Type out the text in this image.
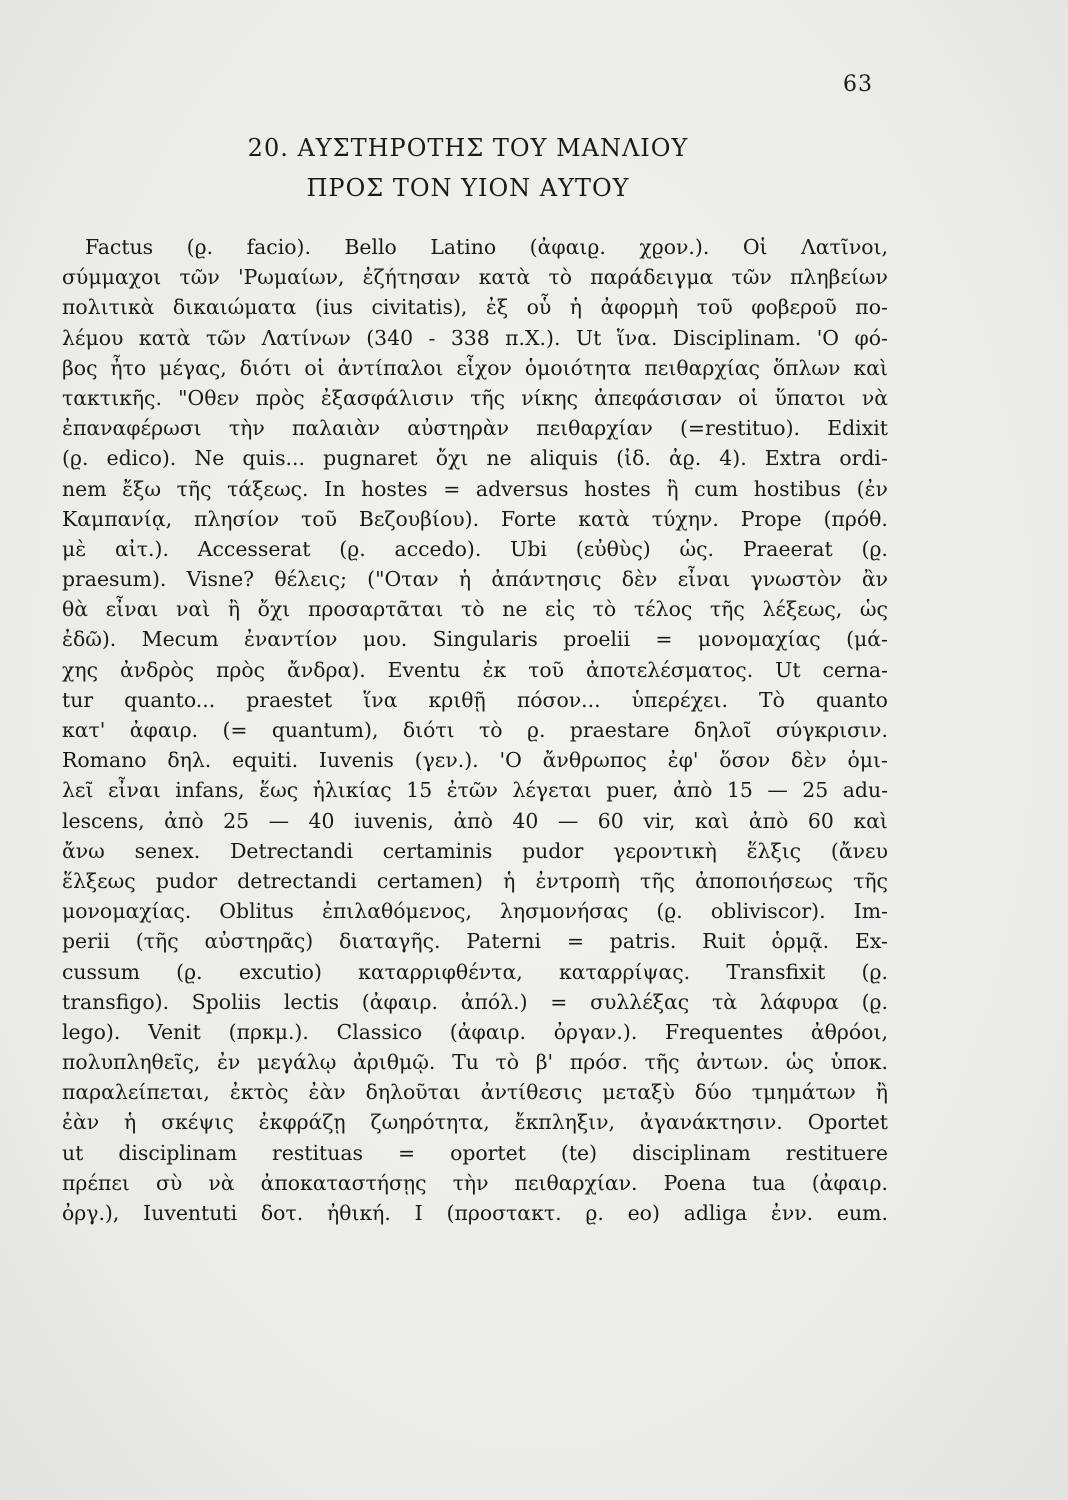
63
20. ΑΥΣΤΗΡΟΤΗΣ ΤΟΥ ΜΑΝΛΙΟΥ
ΠΡΟΣ ΤΟΝ ΥΙΟΝ ΑΥΤΟΥ
Factus (ϱ. facio). Bello Latino (ἀφαιϱ. χϱον.). Οἱ Λατῖνοι,
σύμμαχοι τῶν 'Ρωμαίων, ἐζήτησαν κατὰ τὸ παράδειγμα τῶν πληβείων
πολιτικὰ δικαιώματα (ius civitatis), ἐξ οὗ ἡ ἀφορμὴ τοῦ φοβεροῦ πο-
λέμου κατὰ τῶν Λατίνων (340 - 338 π.Χ.). Ut ἵνα. Disciplinam. 'Ο φό-
βος ἦτο μέγας, διότι οἱ ἀντίπαλοι εἶχον ὁμοιότητα πειθαρχίας ὅπλων καὶ
τακτικῆς. "Οθεν πρὸς ἐξασφάλισιν τῆς νίκης ἀπεφάσισαν οἱ ὕπατοι νὰ
ἐπαναφέρωσι τὴν παλαιὰν αὐστηρὰν πειθαρχίαν (=restituo). Edixit
(ϱ. edico). Ne quis... pugnaret ὄχι ne aliquis (ἰδ. ἀϱ. 4). Extra ordi-
nem ἔξω τῆς τάξεως. In hostes = adversus hostes ἢ cum hostibus (ἐν
Καμπανίᾳ, πλησίον τοῦ Βεζουβίου). Forte κατὰ τύχην. Prope (πρόθ.
μὲ αἰτ.). Accesserat (ϱ. accedo). Ubi (εὐθὺς) ὡς. Praeerat (ϱ.
praesum). Visne? θέλεις; ("Οταν ἡ ἀπάντησις δὲν εἶναι γνωστὸν ἂν
θὰ εἶναι ναὶ ἢ ὄχι προσαρτᾶται τὸ ne εἰς τὸ τέλος τῆς λέξεως, ὡς
ἐδῶ). Mecum ἐναντίον μου. Singularis proelii = μονομαχίας (μά-
χης ἀνδρὸς πρὸς ἄνδρα). Eventu ἐκ τοῦ ἀποτελέσματος. Ut cerna-
tur quanto... praestet ἵνα κριθῇ πόσον... ὑπερέχει. Τὸ quanto
κατ' ἀφαιρ. (= quantum), διότι τὸ ϱ. praestare δηλοῖ σύγκρισιν.
Romano δηλ. equiti. Iuvenis (γεν.). 'Ο ἄνθρωπος ἐφ' ὅσον δὲν ὁμι-
λεῖ εἶναι infans, ἕως ἡλικίας 15 ἐτῶν λέγεται puer, ἀπὸ 15 — 25 adu-
lescens, ἀπὸ 25 — 40 iuvenis, ἀπὸ 40 — 60 vir, καὶ ἀπὸ 60 καὶ
ἄνω senex. Detrectandi certaminis pudor γεροντικὴ ἕλξις (ἄνευ
ἕλξεως pudor detrectandi certamen) ἡ ἐντροπὴ τῆς ἀποποιήσεως τῆς
μονομαχίας. Oblitus ἐπιλαθόμενος, λησμονήσας (ϱ. obliviscor). Im-
perii (τῆς αὐστηρᾶς) διαταγῆς. Paterni = patris. Ruit ὁρμᾷ. Ex-
cussum (ϱ. excutio) καταρριφθέντα, καταρρίψας. Transfixit (ϱ.
transfigo). Spoliis lectis (ἀφαιρ. ἀπόλ.) = συλλέξας τὰ λάφυρα (ϱ.
lego). Venit (πρκμ.). Classico (ἀφαιρ. ὀργαν.). Frequentes ἀθρόοι,
πολυπληθεῖς, ἐν μεγάλῳ ἀριθμῷ. Tu τὸ β' πρόσ. τῆς ἀντων. ὡς ὑποκ.
παραλείπεται, ἐκτὸς ἐὰν δηλοῦται ἀντίθεσις μεταξὺ δύο τμημάτων ἢ
ἐὰν ἡ σκέψις ἐκφράζῃ ζωηρότητα, ἔκπληξιν, ἀγανάκτησιν. Oportet
ut disciplinam restituas = oportet (te) disciplinam restituere
πρέπει σὺ νὰ ἀποκαταστήσῃς τὴν πειθαρχίαν. Poena tua (ἀφαιρ.
ὀργ.), Iuventuti δοτ. ἠθική. I (προστακτ. ϱ. eo) adliga ἐνν. eum.
